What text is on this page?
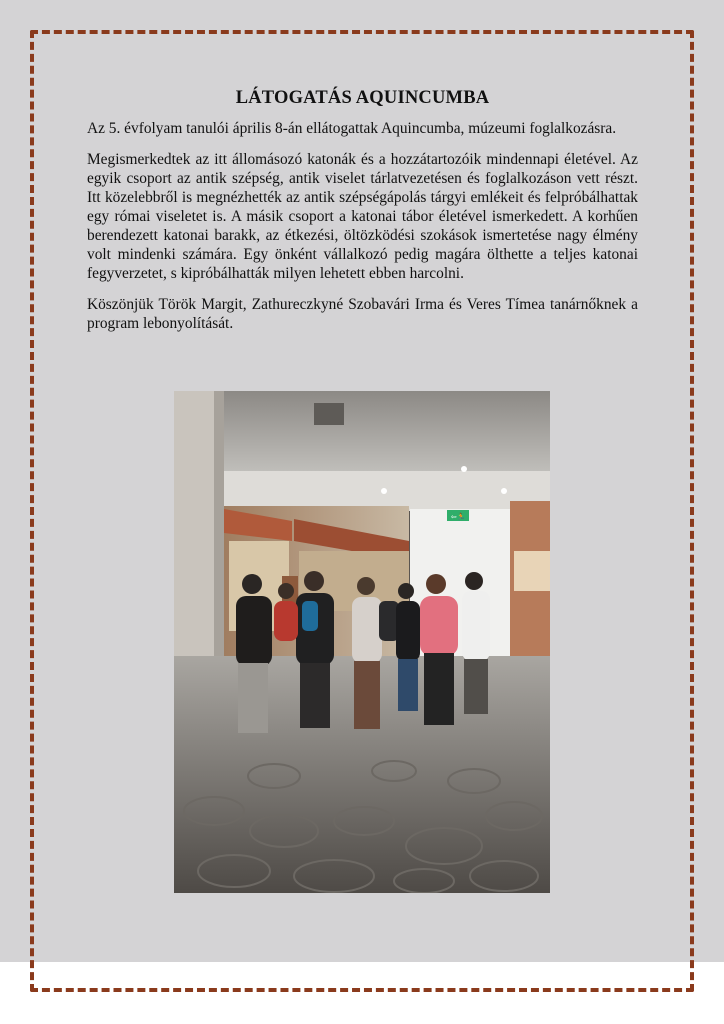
LÁTOGATÁS AQUINCUMBA

Az 5. évfolyam tanulói április 8-án ellátogattak Aquincumba, múzeumi foglalkozásra.

Megismerkedtek az itt állomásozó katonák és a hozzátartozóik mindennapi életével. Az egyik csoport az antik szépség, antik viselet tárlatvezetésen és foglalkozáson vett részt. Itt közelebbről is megnézhették az antik szépségápolás tárgyi emlékeit és felpróbálhattak egy római viseletet is. A másik csoport a katonai tábor életével ismerkedett. A korhűen berendezett katonai barakk, az étkezési, öltözködési szokások ismertetése nagy élmény volt mindenki számára. Egy önként vállalkozó pedig magára ölthette a teljes katonai fegyverzetet, s kipróbálhatták milyen lehetett ebben harcolni.

Köszönjük Török Margit, Zathureczkyné Szobavári Irma és Veres Tímea tanárnőknek a program lebonyolítását.

⇦🏃
